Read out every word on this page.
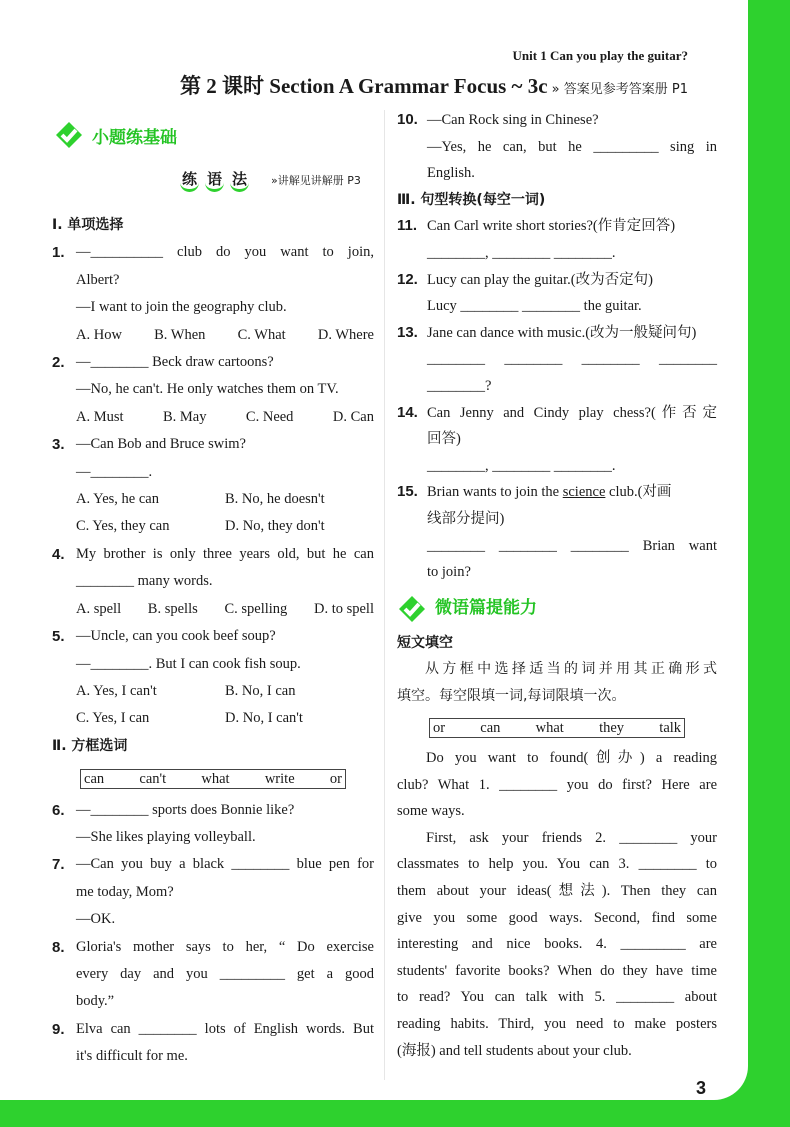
Unit 1 Can you play the guitar?
第 2 课时 Section A Grammar Focus ~ 3c » 答案见参考答案册 P1
小题练基础
练 语 法 »讲解见讲解册 P3
Ⅰ. 单项选择
1. —__________ club do you want to join,
Albert?
—I want to join the geography club.
A. How B. When C. What D. Where
2. —________ Beck draw cartoons?
—No, he can't. He only watches them on TV.
A. Must	B. May	C. Need	D. Can
3. —Can Bob and Bruce swim?
—________.
A. Yes, he can	B. No, he doesn't
C. Yes, they can	D. No, they don't
4. My brother is only three years old, but he can
________ many words.
A. spell B. spells C. spelling D. to spell
5. —Uncle, can you cook beef soup?
—________. But I can cook fish soup.
A. Yes, I can't	B. No, I can
C. Yes, I can	D. No, I can't
Ⅱ. 方框选词
can  can't  what  write  or
6. —________ sports does Bonnie like?
—She likes playing volleyball.
7. —Can you buy a black ________ blue pen for
me today, Mom?
—OK.
8. Gloria's mother says to her, “ Do exercise
every day and you _________ get a good
body.”
9. Elva can ________ lots of English words. But
it's difficult for me.
10. —Can Rock sing in Chinese?
—Yes, he can, but he _________ sing in
English.
Ⅲ. 句型转换(每空一词)
11. Can Carl write short stories?(作肯定回答)
________, ________ ________.
12. Lucy can play the guitar.(改为否定句)
Lucy ________ ________ the guitar.
13. Jane can dance with music.(改为一般疑问句)
________ ________ ________ ________
________?
14. Can Jenny and Cindy play chess?(作否定
回答)
________, ________ ________.
15. Brian wants to join the science club.(对画
线部分提问)
________ ________ ________ Brian want
to join?
微语篇提能力
短文填空
从方框中选择适当的词并用其正确形式
填空。每空限填一词,每词限填一次。
or  can  what  they  talk
Do you want to found(创办) a reading
club? What 1. ________ you do first? Here are
some ways.
First, ask your friends 2. ________ your
classmates to help you. You can 3. ________ to
them about your ideas(想法). Then they can
give you some good ways. Second, find some
interesting and nice books. 4. _________ are
students' favorite books? When do they have time
to read? You can talk with 5. ________ about
reading habits. Third, you need to make posters
(海报) and tell students about your club.
3
